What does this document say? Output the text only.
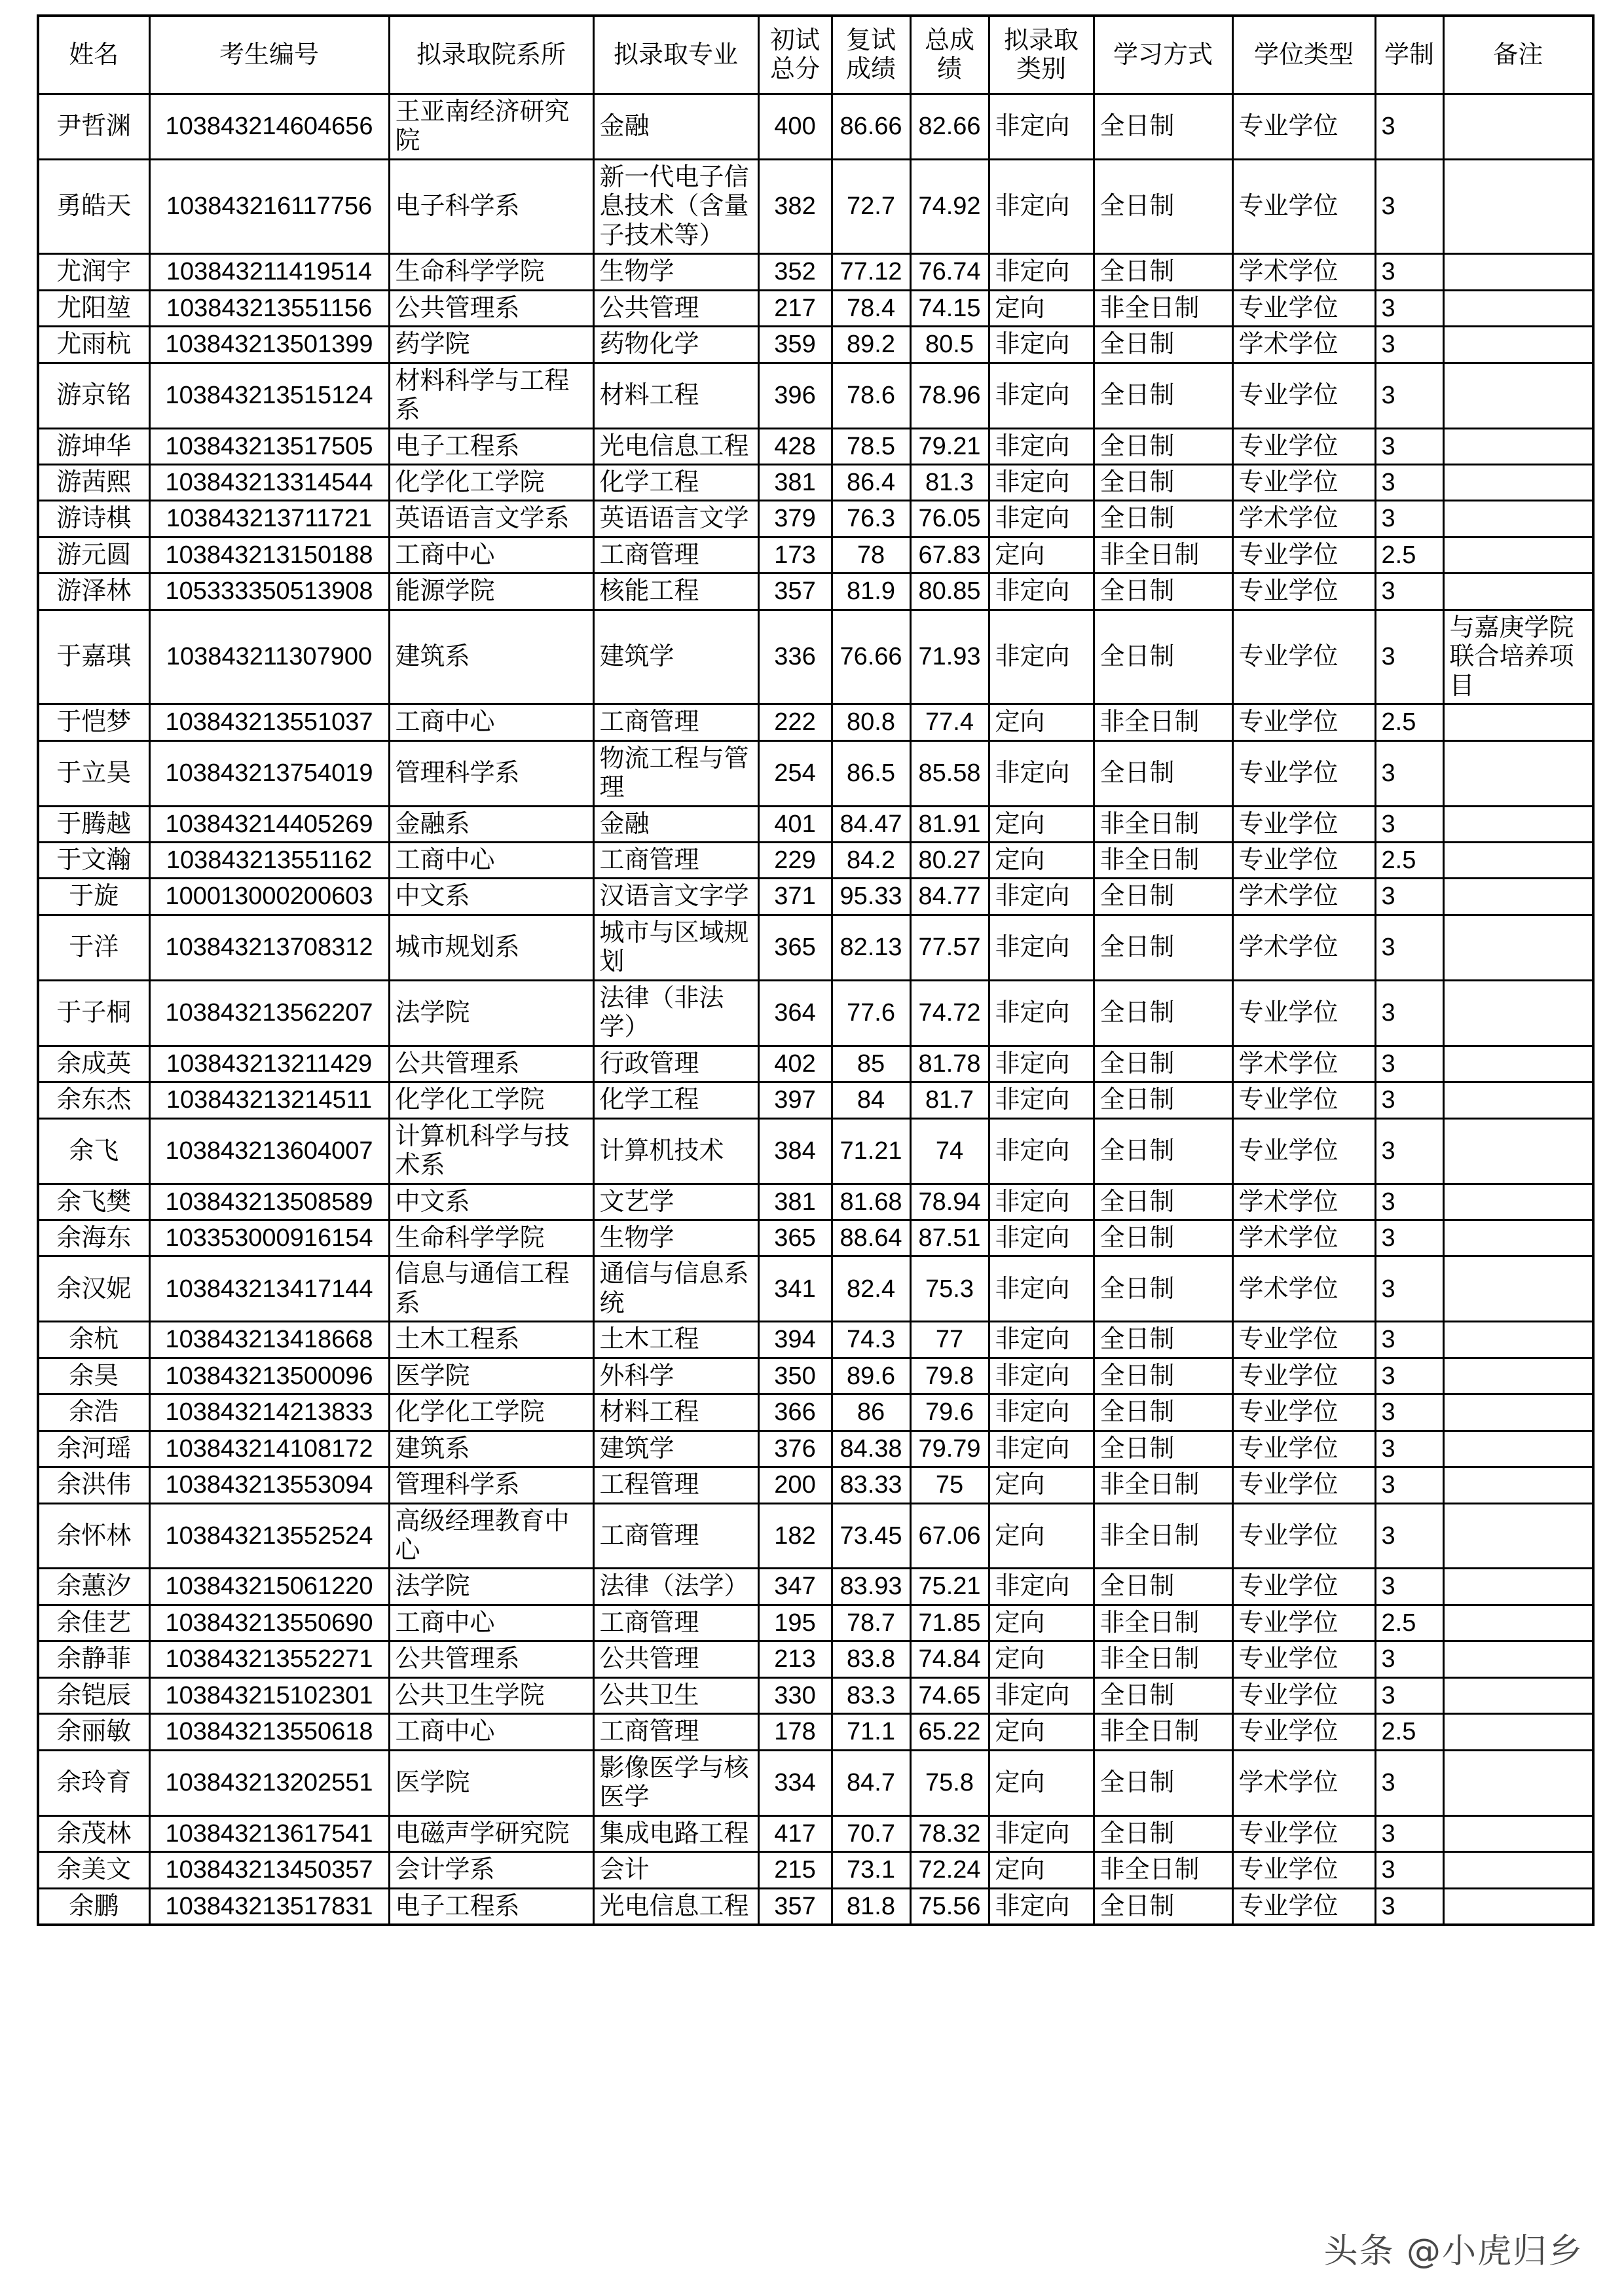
姓名	考生编号	拟录取院系所	拟录取专业	初试总分	复试成绩	总成绩	拟录取类别	学习方式	学位类型	学制	备注
尹哲渊	103843214604656	王亚南经济研究院	金融	400	86.66	82.66	非定向	全日制	专业学位	3	
勇皓天	103843216117756	电子科学系	新一代电子信息技术（含量子技术等）	382	72.7	74.92	非定向	全日制	专业学位	3	
尤润宇	103843211419514	生命科学学院	生物学	352	77.12	76.74	非定向	全日制	学术学位	3	
尤阳堃	103843213551156	公共管理系	公共管理	217	78.4	74.15	定向	非全日制	专业学位	3	
尤雨杭	103843213501399	药学院	药物化学	359	89.2	80.5	非定向	全日制	学术学位	3	
游京铭	103843213515124	材料科学与工程系	材料工程	396	78.6	78.96	非定向	全日制	专业学位	3	
游坤华	103843213517505	电子工程系	光电信息工程	428	78.5	79.21	非定向	全日制	专业学位	3	
游茜熙	103843213314544	化学化工学院	化学工程	381	86.4	81.3	非定向	全日制	专业学位	3	
游诗棋	103843213711721	英语语言文学系	英语语言文学	379	76.3	76.05	非定向	全日制	学术学位	3	
游元圆	103843213150188	工商中心	工商管理	173	78	67.83	定向	非全日制	专业学位	2.5	
游泽林	105333350513908	能源学院	核能工程	357	81.9	80.85	非定向	全日制	专业学位	3	
于嘉琪	103843211307900	建筑系	建筑学	336	76.66	71.93	非定向	全日制	专业学位	3	与嘉庚学院联合培养项目
于恺梦	103843213551037	工商中心	工商管理	222	80.8	77.4	定向	非全日制	专业学位	2.5	
于立昊	103843213754019	管理科学系	物流工程与管理	254	86.5	85.58	非定向	全日制	专业学位	3	
于腾越	103843214405269	金融系	金融	401	84.47	81.91	定向	非全日制	专业学位	3	
于文瀚	103843213551162	工商中心	工商管理	229	84.2	80.27	定向	非全日制	专业学位	2.5	
于旋	100013000200603	中文系	汉语言文字学	371	95.33	84.77	非定向	全日制	学术学位	3	
于洋	103843213708312	城市规划系	城市与区域规划	365	82.13	77.57	非定向	全日制	学术学位	3	
于子桐	103843213562207	法学院	法律（非法学）	364	77.6	74.72	非定向	全日制	专业学位	3	
余成英	103843213211429	公共管理系	行政管理	402	85	81.78	非定向	全日制	学术学位	3	
余东杰	103843213214511	化学化工学院	化学工程	397	84	81.7	非定向	全日制	专业学位	3	
余飞	103843213604007	计算机科学与技术系	计算机技术	384	71.21	74	非定向	全日制	专业学位	3	
余飞樊	103843213508589	中文系	文艺学	381	81.68	78.94	非定向	全日制	学术学位	3	
余海东	103353000916154	生命科学学院	生物学	365	88.64	87.51	非定向	全日制	学术学位	3	
余汉妮	103843213417144	信息与通信工程系	通信与信息系统	341	82.4	75.3	非定向	全日制	学术学位	3	
余杭	103843213418668	土木工程系	土木工程	394	74.3	77	非定向	全日制	专业学位	3	
余昊	103843213500096	医学院	外科学	350	89.6	79.8	非定向	全日制	专业学位	3	
余浩	103843214213833	化学化工学院	材料工程	366	86	79.6	非定向	全日制	专业学位	3	
余河瑶	103843214108172	建筑系	建筑学	376	84.38	79.79	非定向	全日制	专业学位	3	
余洪伟	103843213553094	管理科学系	工程管理	200	83.33	75	定向	非全日制	专业学位	3	
余怀林	103843213552524	高级经理教育中心	工商管理	182	73.45	67.06	定向	非全日制	专业学位	3	
余蕙汐	103843215061220	法学院	法律（法学）	347	83.93	75.21	非定向	全日制	专业学位	3	
余佳艺	103843213550690	工商中心	工商管理	195	78.7	71.85	定向	非全日制	专业学位	2.5	
余静菲	103843213552271	公共管理系	公共管理	213	83.8	74.84	定向	非全日制	专业学位	3	
余铠辰	103843215102301	公共卫生学院	公共卫生	330	83.3	74.65	非定向	全日制	专业学位	3	
余丽敏	103843213550618	工商中心	工商管理	178	71.1	65.22	定向	非全日制	专业学位	2.5	
余玲育	103843213202551	医学院	影像医学与核医学	334	84.7	75.8	定向	全日制	学术学位	3	
余茂林	103843213617541	电磁声学研究院	集成电路工程	417	70.7	78.32	非定向	全日制	专业学位	3	
余美文	103843213450357	会计学系	会计	215	73.1	72.24	定向	非全日制	专业学位	3	
余鹏	103843213517831	电子工程系	光电信息工程	357	81.8	75.56	非定向	全日制	专业学位	3	
头条 @小虎归乡
